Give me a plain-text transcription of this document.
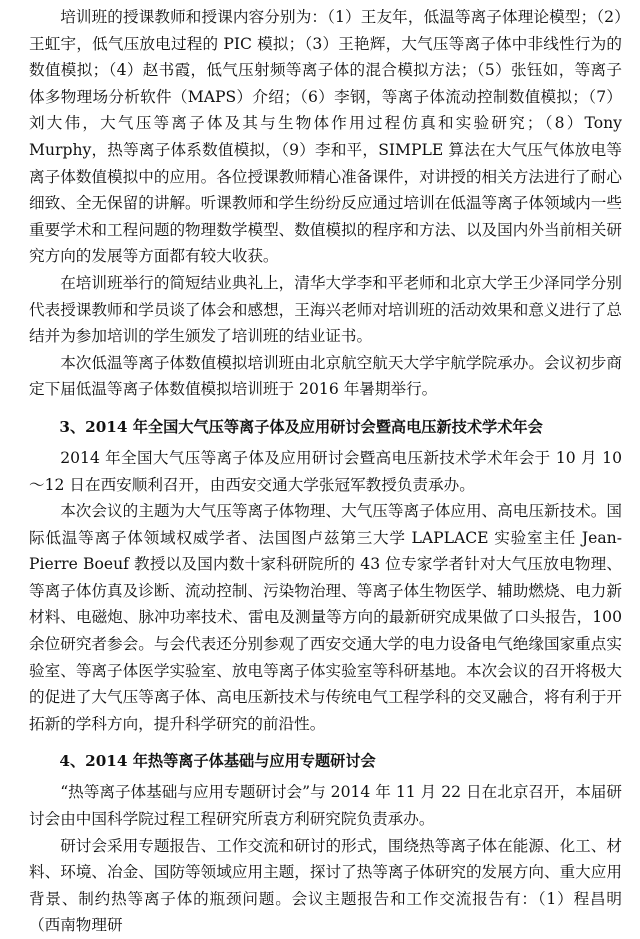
培训班的授课教师和授课内容分别为：（1）王友年，低温等离子体理论模型；（2）王虹宇，低气压放电过程的 PIC 模拟；（3）王艳辉，大气压等离子体中非线性行为的数值模拟；（4）赵书霞，低气压射频等离子体的混合模拟方法；（5）张钰如，等离子体多物理场分析软件（MAPS）介绍；（6）李钢，等离子体流动控制数值模拟；（7）刘大伟，大气压等离子体及其与生物体作用过程仿真和实验研究；（8）Tony Murphy，热等离子体系数值模拟，（9）李和平，SIMPLE 算法在大气压气体放电等离子体数值模拟中的应用。各位授课教师精心准备课件，对讲授的相关方法进行了耐心细致、全无保留的讲解。听课教师和学生纷纷反应通过培训在低温等离子体领域内一些重要学术和工程问题的物理数学模型、数值模拟的程序和方法、以及国内外当前相关研究方向的发展等方面都有较大收获。

在培训班举行的简短结业典礼上，清华大学李和平老师和北京大学王少泽同学分别代表授课教师和学员谈了体会和感想，王海兴老师对培训班的活动效果和意义进行了总结并为参加培训的学生颁发了培训班的结业证书。

本次低温等离子体数值模拟培训班由北京航空航天大学宇航学院承办。会议初步商定下届低温等离子体数值模拟培训班于 2016 年暑期举行。

3、2014 年全国大气压等离子体及应用研讨会暨高电压新技术学术年会

2014 年全国大气压等离子体及应用研讨会暨高电压新技术学术年会于 10 月 10～12 日在西安顺利召开，由西安交通大学张冠军教授负责承办。

本次会议的主题为大气压等离子体物理、大气压等离子体应用、高电压新技术。国际低温等离子体领域权威学者、法国图卢兹第三大学 LAPLACE 实验室主任 Jean-Pierre Boeuf 教授以及国内数十家科研院所的 43 位专家学者针对大气压放电物理、等离子体仿真及诊断、流动控制、污染物治理、等离子体生物医学、辅助燃烧、电力新材料、电磁炮、脉冲功率技术、雷电及测量等方向的最新研究成果做了口头报告，100 余位研究者参会。与会代表还分别参观了西安交通大学的电力设备电气绝缘国家重点实验室、等离子体医学实验室、放电等离子体实验室等科研基地。本次会议的召开将极大的促进了大气压等离子体、高电压新技术与传统电气工程学科的交叉融合，将有利于开拓新的学科方向，提升科学研究的前沿性。

4、2014 年热等离子体基础与应用专题研讨会

“热等离子体基础与应用专题研讨会”与 2014 年 11 月 22 日在北京召开，本届研讨会由中国科学院过程工程研究所袁方利研究院负责承办。

研讨会采用专题报告、工作交流和研讨的形式，围绕热等离子体在能源、化工、材料、环境、冶金、国防等领域应用主题，探讨了热等离子体研究的发展方向、重大应用背景、制约热等离子体的瓶颈问题。会议主题报告和工作交流报告有：（1）程昌明（西南物理研
